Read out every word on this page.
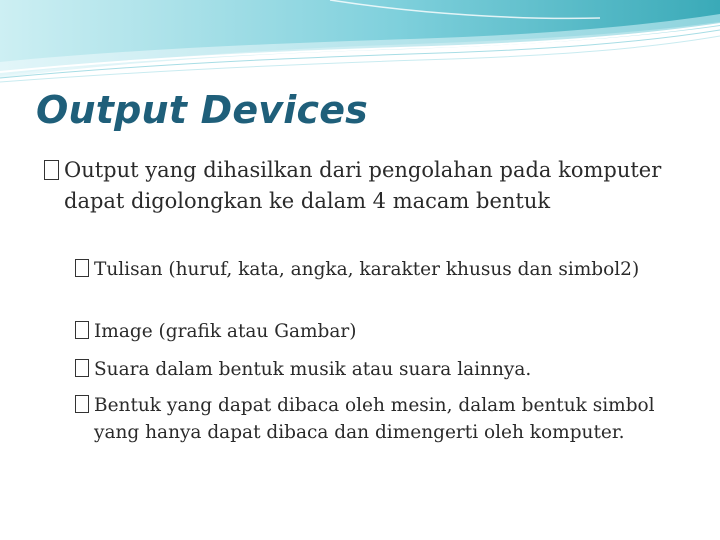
Output Devices
Output yang dihasilkan dari pengolahan pada komputer dapat digolongkan ke dalam 4 macam bentuk
Tulisan (huruf, kata, angka, karakter khusus dan simbol2)
Image (grafik atau Gambar)
Suara dalam bentuk musik atau suara lainnya.
Bentuk yang dapat dibaca oleh mesin, dalam bentuk simbol yang hanya dapat dibaca dan dimengerti oleh komputer.
